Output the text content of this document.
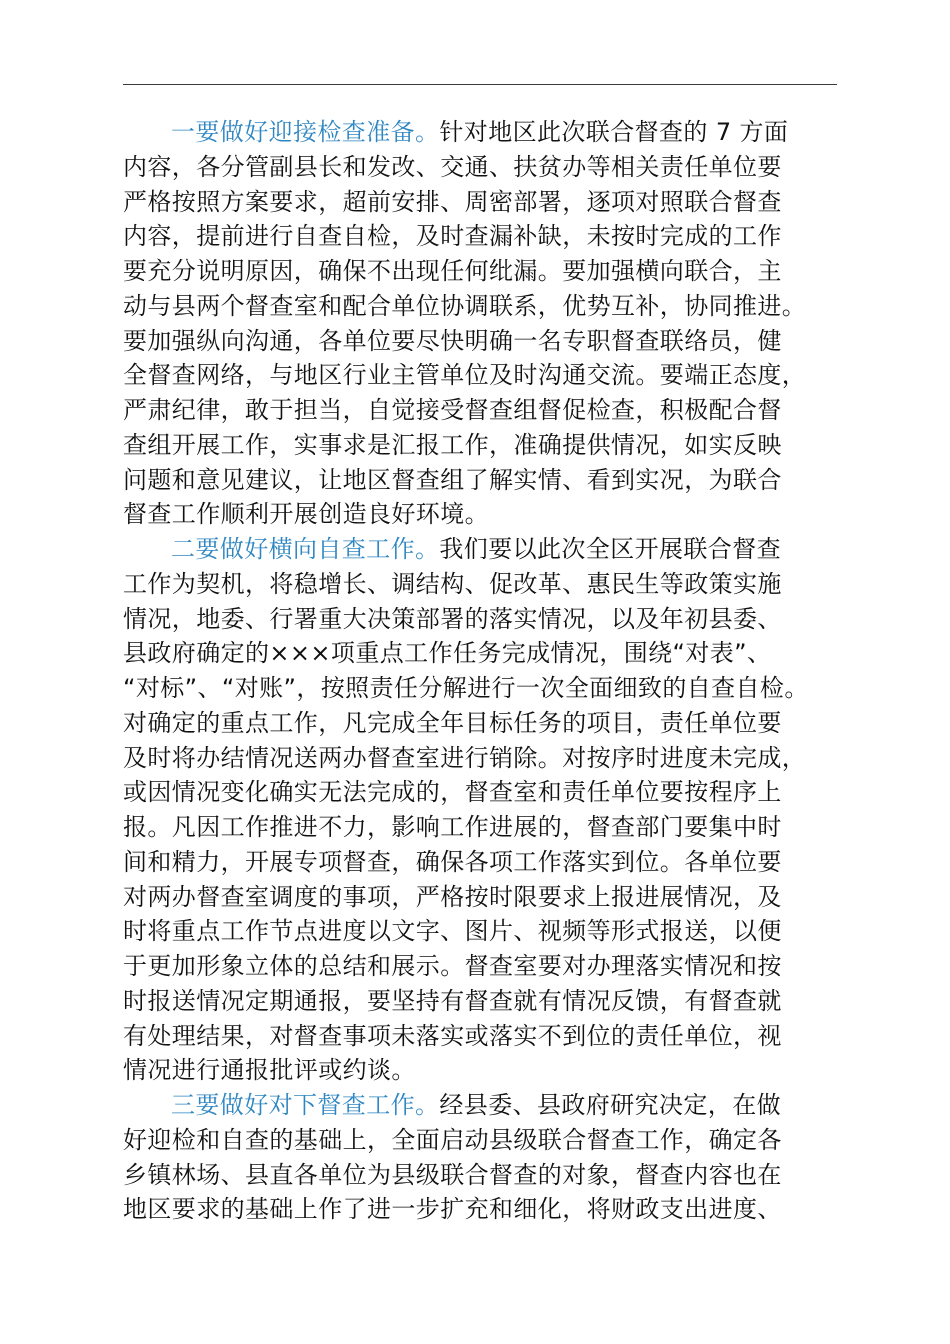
一要做好迎接检查准备。针对地区此次联合督查的 7 方面
内容，各分管副县长和发改、交通、扶贫办等相关责任单位要
严格按照方案要求，超前安排、周密部署，逐项对照联合督查
内容，提前进行自查自检，及时查漏补缺，未按时完成的工作
要充分说明原因，确保不出现任何纰漏。要加强横向联合，主
动与县两个督查室和配合单位协调联系，优势互补，协同推进。
要加强纵向沟通，各单位要尽快明确一名专职督查联络员，健
全督查网络，与地区行业主管单位及时沟通交流。要端正态度，
严肃纪律，敢于担当，自觉接受督查组督促检查，积极配合督
查组开展工作，实事求是汇报工作，准确提供情况，如实反映
问题和意见建议，让地区督查组了解实情、看到实况，为联合
督查工作顺利开展创造良好环境。
二要做好横向自查工作。我们要以此次全区开展联合督查
工作为契机，将稳增长、调结构、促改革、惠民生等政策实施
情况，地委、行署重大决策部署的落实情况，以及年初县委、
县政府确定的×××项重点工作任务完成情况，围绕“对表”、
“对标”、“对账”，按照责任分解进行一次全面细致的自查自检。
对确定的重点工作，凡完成全年目标任务的项目，责任单位要
及时将办结情况送两办督查室进行销除。对按序时进度未完成，
或因情况变化确实无法完成的，督查室和责任单位要按程序上
报。凡因工作推进不力，影响工作进展的，督查部门要集中时
间和精力，开展专项督查，确保各项工作落实到位。各单位要
对两办督查室调度的事项，严格按时限要求上报进展情况，及
时将重点工作节点进度以文字、图片、视频等形式报送，以便
于更加形象立体的总结和展示。督查室要对办理落实情况和按
时报送情况定期通报，要坚持有督查就有情况反馈，有督查就
有处理结果，对督查事项未落实或落实不到位的责任单位，视
情况进行通报批评或约谈。
三要做好对下督查工作。经县委、县政府研究决定，在做
好迎检和自查的基础上，全面启动县级联合督查工作，确定各
乡镇林场、县直各单位为县级联合督查的对象，督查内容也在
地区要求的基础上作了进一步扩充和细化，将财政支出进度、
